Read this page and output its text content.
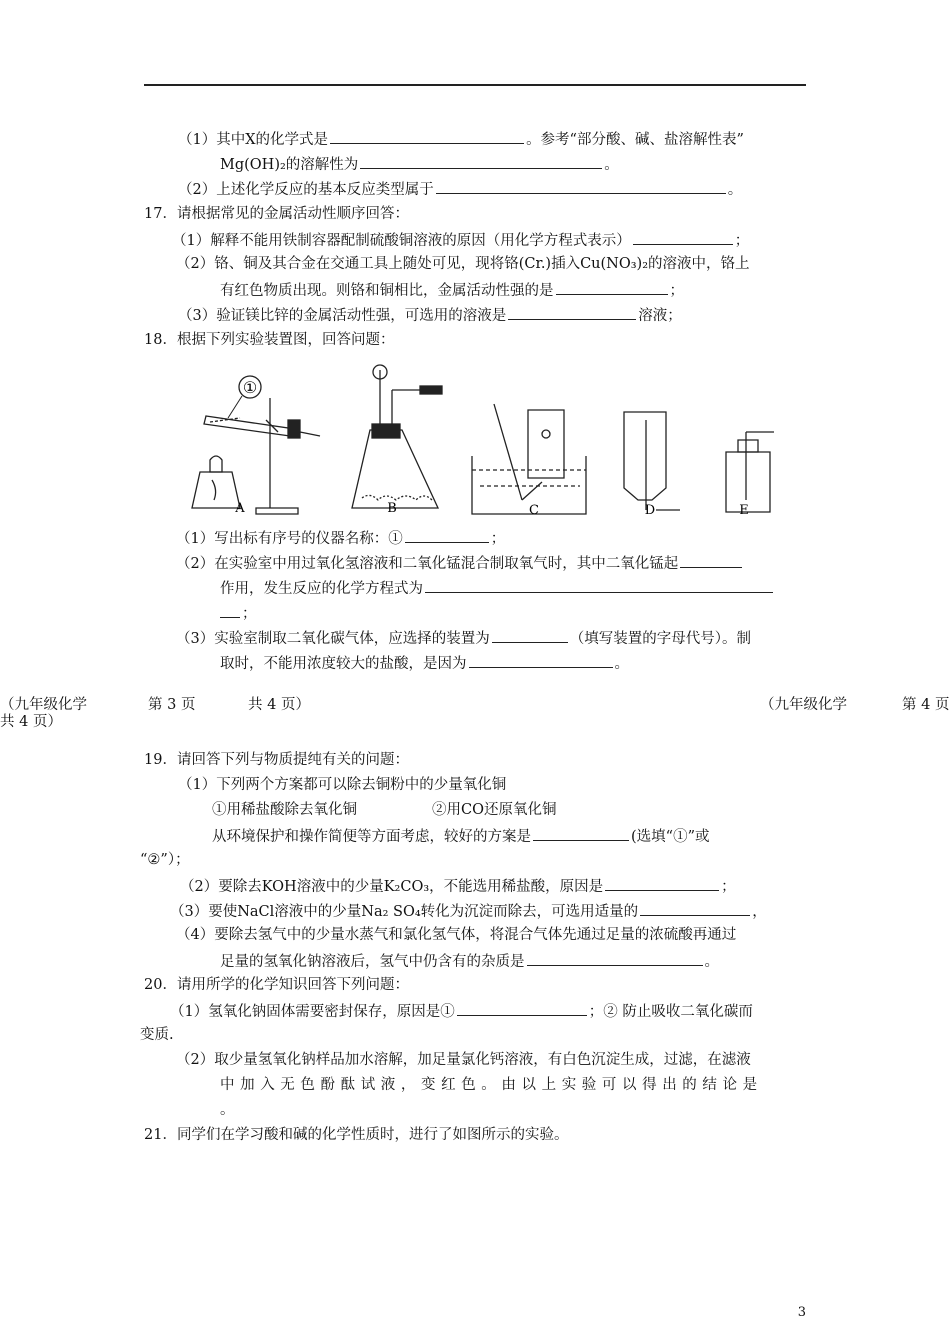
（1）其中X的化学式是	。参考“部分酸、碱、盐溶解性表”
Mg(OH)₂的溶解性为	。
（2）上述化学反应的基本反应类型属于	。
17．请根据常见的金属活动性顺序回答：
（1）解释不能用铁制容器配制硫酸铜溶液的原因（用化学方程式表示）	；
（2）铬、铜及其合金在交通工具上随处可见，现将铬(Cr.)插入Cu(NO₃)₂的溶液中，铬上
有红色物质出现。则铬和铜相比，金属活动性强的是	；
（3）验证镁比锌的金属活动性强，可选用的溶液是	溶液；
18．根据下列实验装置图，回答问题：
①
A	B	C	D	E
（1）写出标有序号的仪器名称：①	；
（2）在实验室中用过氧化氢溶液和二氧化锰混合制取氧气时，其中二氧化锰起
作用，发生反应的化学方程式为
；
（3）实验室制取二氧化碳气体，应选择的装置为	（填写装置的字母代号）。制
取时，不能用浓度较大的盐酸，是因为	。
（九年级化学	第 3 页	共 4 页）
共 4 页）
（九年级化学	第 4 页
19．请回答下列与物质提纯有关的问题：
（1）下列两个方案都可以除去铜粉中的少量氧化铜
①用稀盐酸除去氧化铜	②用CO还原氧化铜
从环境保护和操作简便等方面考虑，较好的方案是	(选填“①”或
“②”）；
（2）要除去KOH溶液中的少量K₂CO₃，不能选用稀盐酸，原因是	；
（3）要使NaCl溶液中的少量Na₂ SO₄转化为沉淀而除去，可选用适量的	，
（4）要除去氢气中的少量水蒸气和氯化氢气体，将混合气体先通过足量的浓硫酸再通过
足量的氢氧化钠溶液后，氢气中仍含有的杂质是	。
20．请用所学的化学知识回答下列问题：
（1）氢氧化钠固体需要密封保存，原因是①	；② 防止吸收二氧化碳而
变质.
（2）取少量氢氧化钠样品加水溶解，加足量氯化钙溶液，有白色沉淀生成，过滤，在滤液
中加入无色酚酞试液，变红色。由以上实验可以得出的结论是
。
21．同学们在学习酸和碱的化学性质时，进行了如图所示的实验。
3
